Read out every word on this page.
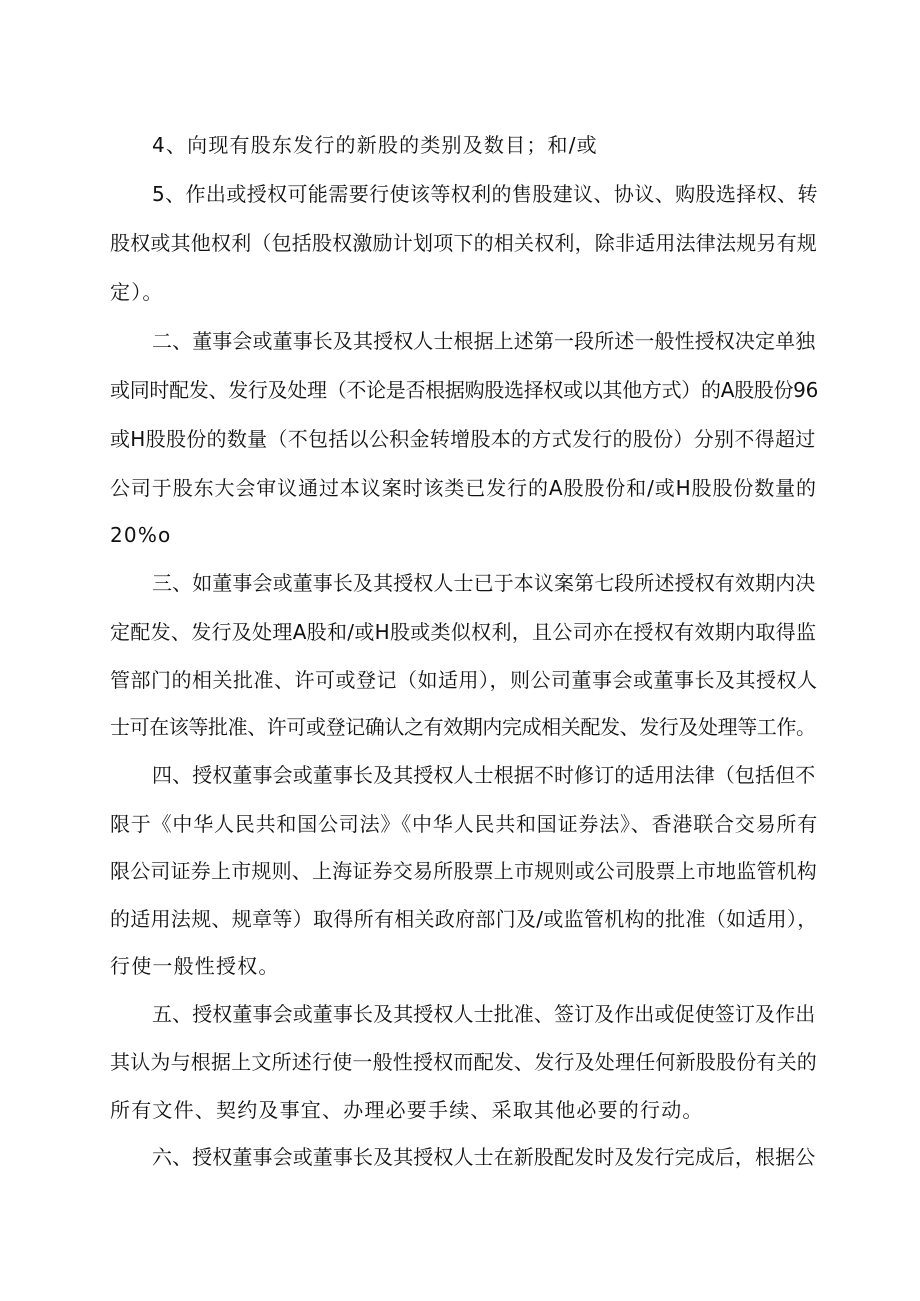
4、向现有股东发行的新股的类别及数目；和/或
5、作出或授权可能需要行使该等权利的售股建议、协议、购股选择权、转
股权或其他权利（包括股权激励计划项下的相关权利，除非适用法律法规另有规
定）。
二、董事会或董事长及其授权人士根据上述第一段所述一般性授权决定单独
或同时配发、发行及处理（不论是否根据购股选择权或以其他方式）的A股股份96
或H股股份的数量（不包括以公积金转增股本的方式发行的股份）分别不得超过
公司于股东大会审议通过本议案时该类已发行的A股股份和/或H股股份数量的
20%o
三、如董事会或董事长及其授权人士已于本议案第七段所述授权有效期内决
定配发、发行及处理A股和/或H股或类似权利，且公司亦在授权有效期内取得监
管部门的相关批准、许可或登记（如适用），则公司董事会或董事长及其授权人
士可在该等批准、许可或登记确认之有效期内完成相关配发、发行及处理等工作。
四、授权董事会或董事长及其授权人士根据不时修订的适用法律（包括但不
限于《中华人民共和国公司法》《中华人民共和国证券法》、香港联合交易所有
限公司证券上市规则、上海证券交易所股票上市规则或公司股票上市地监管机构
的适用法规、规章等）取得所有相关政府部门及/或监管机构的批准（如适用），
行使一般性授权。
五、授权董事会或董事长及其授权人士批准、签订及作出或促使签订及作出
其认为与根据上文所述行使一般性授权而配发、发行及处理任何新股股份有关的
所有文件、契约及事宜、办理必要手续、采取其他必要的行动。
六、授权董事会或董事长及其授权人士在新股配发时及发行完成后，根据公
